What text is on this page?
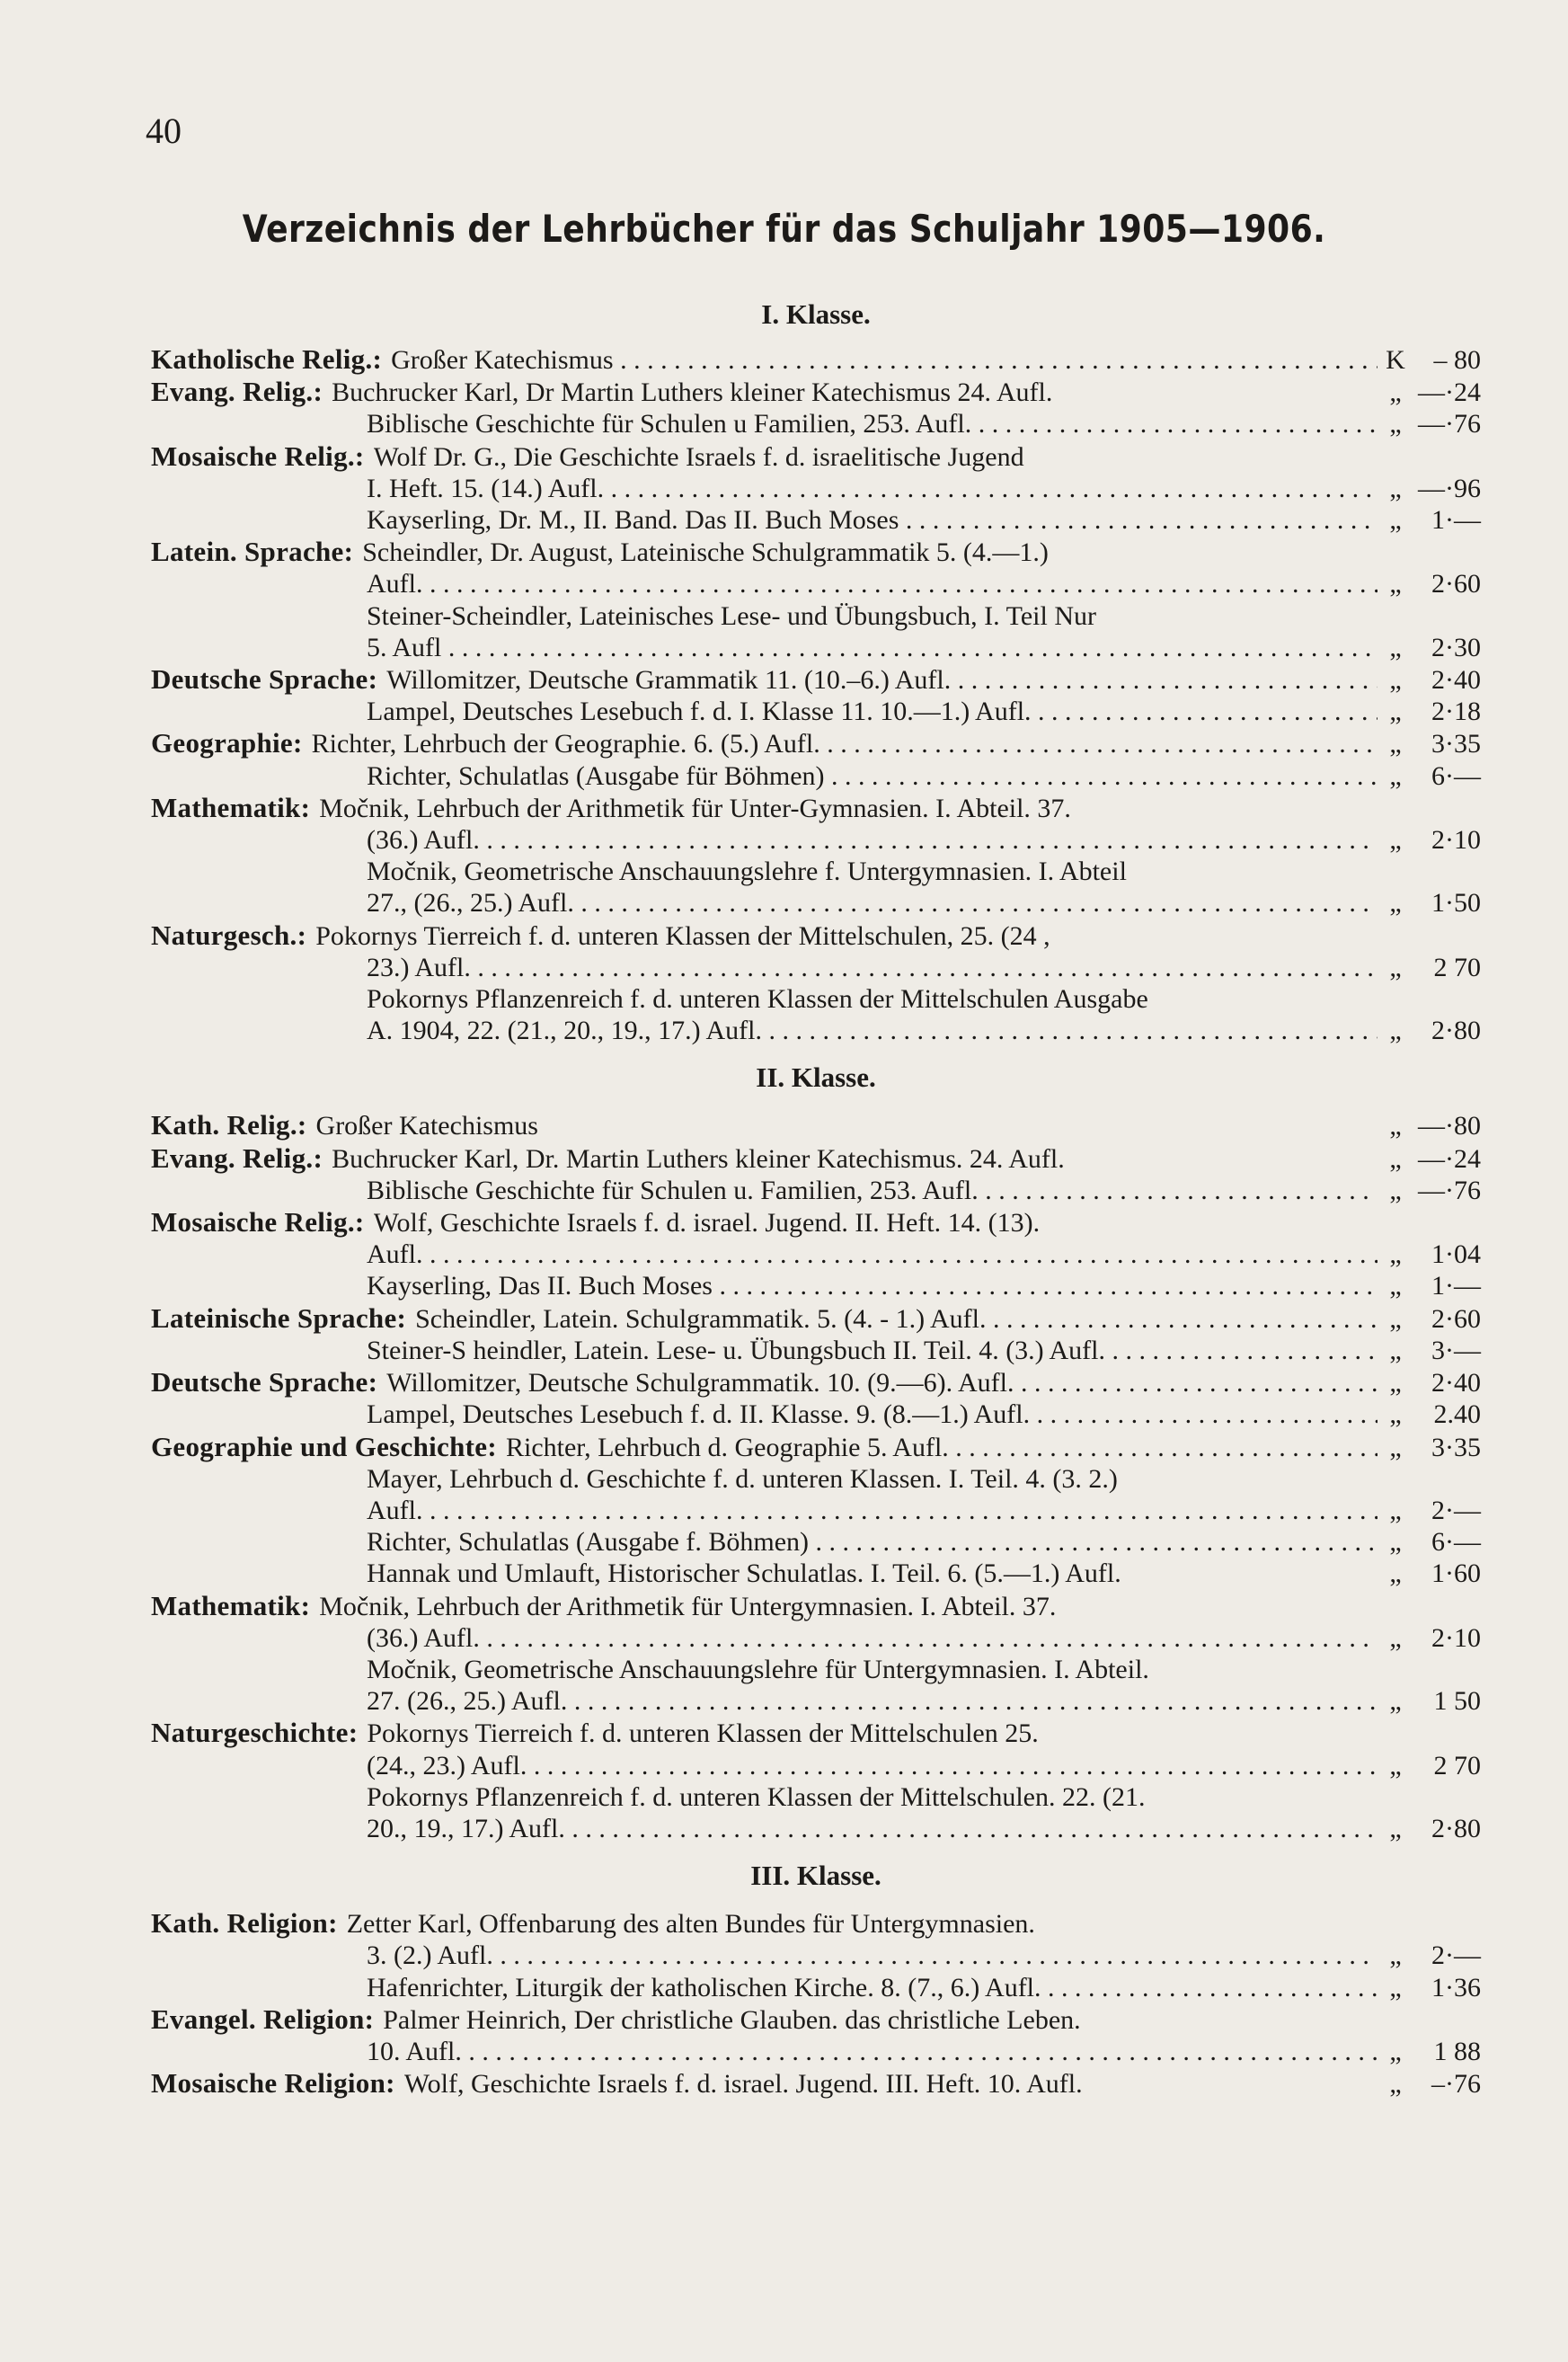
40
Verzeichnis der Lehrbücher für das Schuljahr 1905—1906.
I. Klasse.
Katholische Relig.: Großer Katechismus . . .	K	– 80
Evang. Relig.: Buchrucker Karl, Dr Martin Luthers kleiner Katechismus 24. Aufl.	„ —·24
Biblische Geschichte für Schulen u Familien, 253. Aufl. . . .	„ —·76
Mosaische Relig.: Wolf Dr. G., Die Geschichte Israels f. d. israelitische Jugend
I. Heft. 15. (14.) Aufl. . . .	„ —·96
Kayserling, Dr. M., II. Band. Das II. Buch Moses . . .	„	1·—
Latein. Sprache: Scheindler, Dr. August, Lateinische Schulgrammatik 5. (4.—1.)
Aufl. . . .	„	2·60
Steiner-Scheindler, Lateinisches Lese- und Übungsbuch, I. Teil Nur
5. Aufl . . .	„	2·30
Deutsche Sprache: Willomitzer, Deutsche Grammatik 11. (10.–6.) Aufl. . . .	„	2·40
Lampel, Deutsches Lesebuch f. d. I. Klasse 11. 10.—1.) Aufl. . . .	„	2·18
Geographie: Richter, Lehrbuch der Geographie. 6. (5.) Aufl. . . .	„	3·35
Richter, Schulatlas (Ausgabe für Böhmen) . . .	„	6·—
Mathematik: Močnik, Lehrbuch der Arithmetik für Unter-Gymnasien. I. Abteil. 37.
(36.) Aufl. . . .	„	2·10
Močnik, Geometrische Anschauungslehre f. Untergymnasien. I. Abteil
27., (26., 25.) Aufl. . . .	„	1·50
Naturgesch.: Pokornys Tierreich f. d. unteren Klassen der Mittelschulen, 25. (24 ,
23.) Aufl. . . .	„	2 70
Pokornys Pflanzenreich f. d. unteren Klassen der Mittelschulen Ausgabe
A. 1904, 22. (21., 20., 19., 17.) Aufl. . . .	„	2·80
II. Klasse.
Kath. Relig.: Großer Katechismus	„ —·80
Evang. Relig.: Buchrucker Karl, Dr. Martin Luthers kleiner Katechismus. 24. Aufl.	„ —·24
Biblische Geschichte für Schulen u. Familien, 253. Aufl. . . .	„ —·76
Mosaische Relig.: Wolf, Geschichte Israels f. d. israel. Jugend. II. Heft. 14. (13).
Aufl. . . .	„	1·04
Kayserling, Das II. Buch Moses . . .	„	1·—
Lateinische Sprache: Scheindler, Latein. Schulgrammatik. 5. (4. - 1.) Aufl. . . .	„	2·60
Steiner-S heindler, Latein. Lese- u. Übungsbuch II. Teil. 4. (3.) Aufl. . . .	„	3·—
Deutsche Sprache: Willomitzer, Deutsche Schulgrammatik. 10. (9.—6). Aufl. . . .	„	2·40
Lampel, Deutsches Lesebuch f. d. II. Klasse. 9. (8.—1.) Aufl. . . .	„	2.40
Geographie und Geschichte: Richter, Lehrbuch d. Geographie 5. Aufl. . . .	„	3·35
Mayer, Lehrbuch d. Geschichte f. d. unteren Klassen. I. Teil. 4. (3. 2.)
Aufl. . . .	„	2·—
Richter, Schulatlas (Ausgabe f. Böhmen) . . .	„	6·—
Hannak und Umlauft, Historischer Schulatlas. I. Teil. 6. (5.—1.) Aufl.	„	1·60
Mathematik: Močnik, Lehrbuch der Arithmetik für Untergymnasien. I. Abteil. 37.
(36.) Aufl. . . .	„	2·10
Močnik, Geometrische Anschauungslehre für Untergymnasien. I. Abteil.
27. (26., 25.) Aufl. . . .	„	1 50
Naturgeschichte: Pokornys Tierreich f. d. unteren Klassen der Mittelschulen 25.
(24., 23.) Aufl. . . .	„	2 70
Pokornys Pflanzenreich f. d. unteren Klassen der Mittelschulen. 22. (21.
20., 19., 17.) Aufl. . . .	„	2·80
III. Klasse.
Kath. Religion: Zetter Karl, Offenbarung des alten Bundes für Untergymnasien.
3. (2.) Aufl. . . .	„	2·—
Hafenrichter, Liturgik der katholischen Kirche. 8. (7., 6.) Aufl. . . .	„	1·36
Evangel. Religion: Palmer Heinrich, Der christliche Glauben. das christliche Leben.
10. Aufl. . . .	„	1 88
Mosaische Religion: Wolf, Geschichte Israels f. d. israel. Jugend. III. Heft. 10. Aufl.	„	–·76
